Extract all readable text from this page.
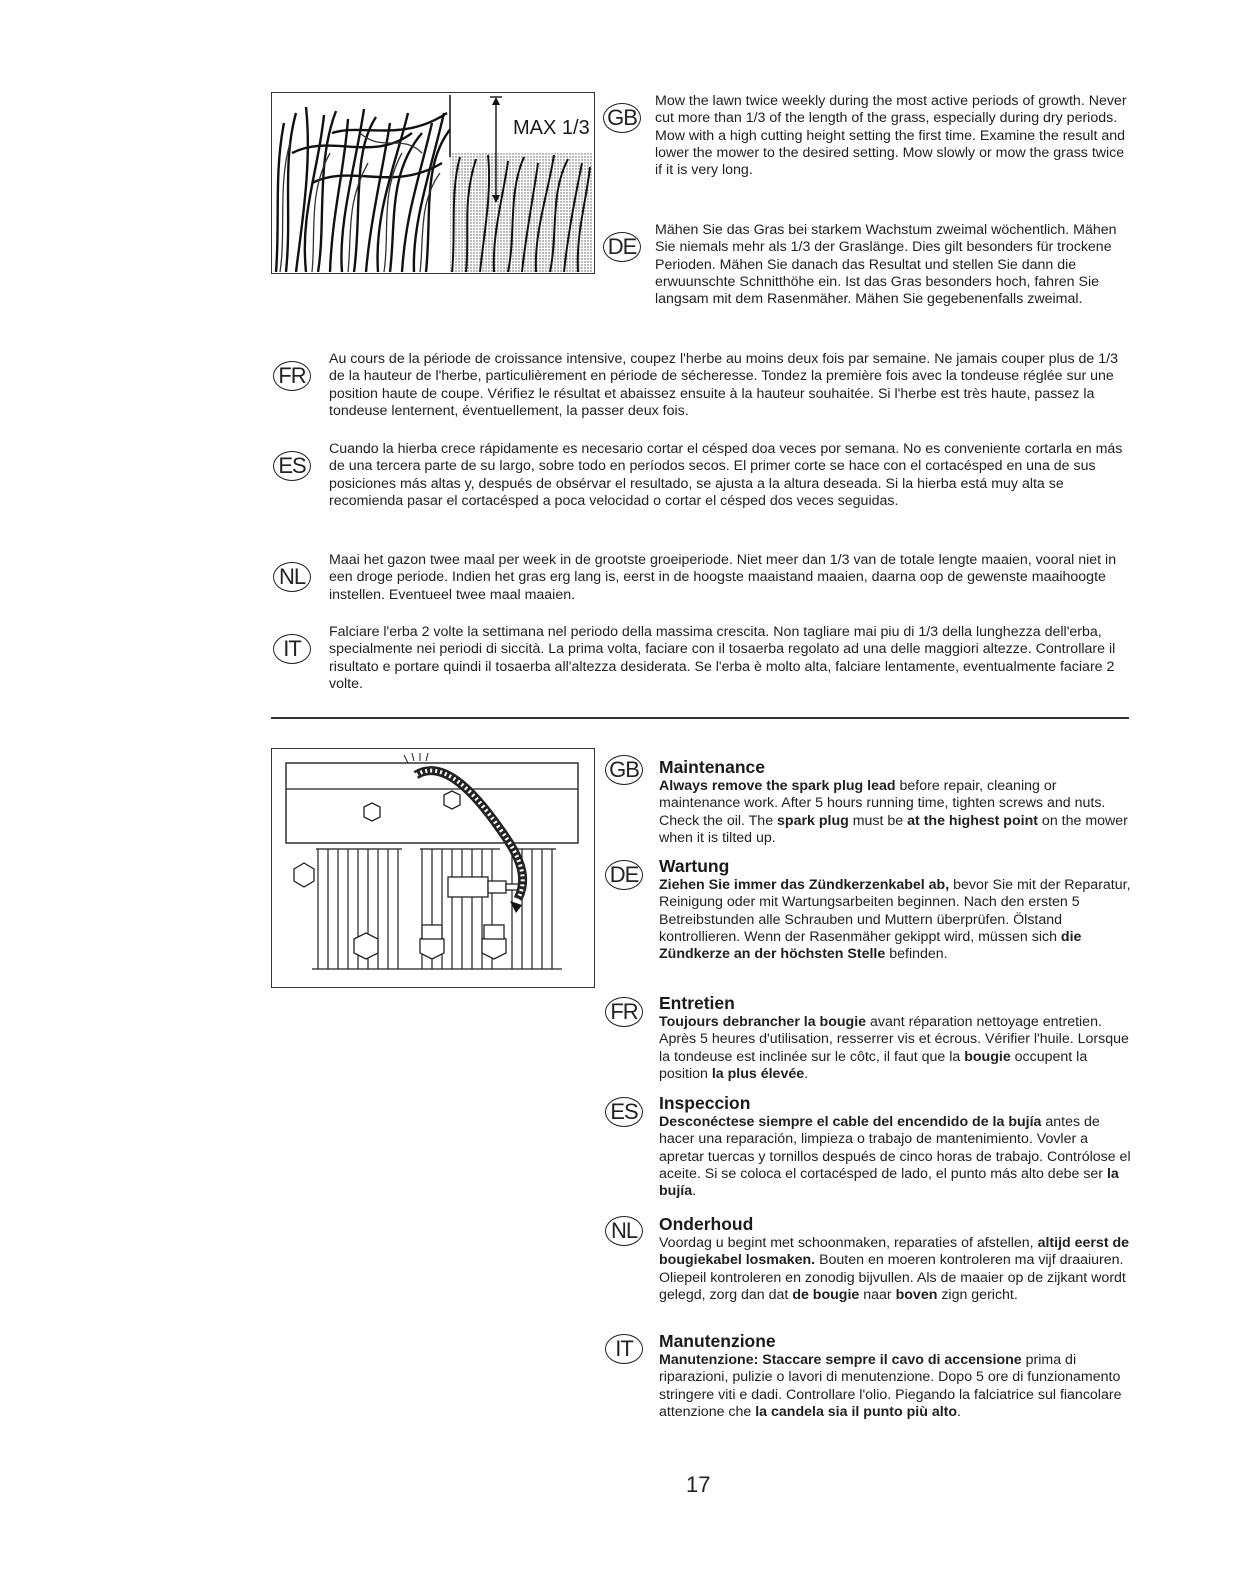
MAX 1/3 GB

Mow the lawn twice weekly during the most active periods of growth. Never cut more than 1/3 of the length of the grass, especially during dry periods. Mow with a high cutting height setting the first time. Examine the result and lower the mower to the desired setting. Mow slowly or mow the grass twice if it is very long.

DE

Mähen Sie das Gras bei starkem Wachstum zweimal wöchentlich. Mähen Sie niemals mehr als 1/3 der Graslänge. Dies gilt besonders für trockene Perioden. Mähen Sie danach das Resultat und stellen Sie dann die erwuunschte Schnitthöhe ein. Ist das Gras besonders hoch, fahren Sie langsam mit dem Rasenmäher. Mähen Sie gegebenenfalls zweimal.

FR

Au cours de la période de croissance intensive, coupez l'herbe au moins deux fois par semaine. Ne jamais couper plus de 1/3 de la hauteur de l'herbe, particulièrement en période de sécheresse. Tondez la première fois avec la tondeuse réglée sur une position haute de coupe. Vérifiez le résultat et abaissez ensuite à la hauteur souhaitée. Si l'herbe est très haute, passez la tondeuse lenternent, éventuellement, la passer deux fois.

ES

Cuando la hierba crece rápidamente es necesario cortar el césped doa veces por semana. No es conveniente cortarla en más de una tercera parte de su largo, sobre todo en períodos secos. El primer corte se hace con el cortacésped en una de sus posiciones más altas y, después de obsérvar el resultado, se ajusta a la altura deseada. Si la hierba está muy alta se recomienda pasar el cortacésped a poca velocidad o cortar el césped dos veces seguidas.

NL

Maai het gazon twee maal per week in de grootste groeiperiode. Niet meer dan 1/3 van de totale lengte maaien, vooral niet in een droge periode. Indien het gras erg lang is, eerst in de hoogste maaistand maaien, daarna oop de gewenste maaihoogte instellen. Eventueel twee maal maaien.

IT

Falciare l'erba 2 volte la settimana nel periodo della massima crescita. Non tagliare mai piu di 1/3 della lunghezza dell'erba, specialmente nei periodi di siccità. La prima volta, faciare con il tosaerba regolato ad una delle maggiori altezze. Controllare il risultato e portare quindi il tosaerba all'altezza desiderata. Se l'erba è molto alta, falciare lentamente, eventualmente faciare 2 volte.

GB Maintenance

Always remove the spark plug lead before repair, cleaning or maintenance work. After 5 hours running time, tighten screws and nuts. Check the oil. The spark plug must be at the highest point on the mower when it is tilted up.

DE Wartung

Ziehen Sie immer das Zündkerzenkabel ab, bevor Sie mit der Reparatur, Reinigung oder mit Wartungsarbeiten beginnen. Nach den ersten 5 Betreibstunden alle Schrauben und Muttern überprüfen. Ölstand kontrollieren. Wenn der Rasenmäher gekippt wird, müssen sich die Zündkerze an der höchsten Stelle befinden.

FR	Entretien

Toujours debrancher la bougie avant réparation nettoyage entretien. Après 5 heures d'utilisation, resserrer vis et écrous. Vérifier l'huile. Lorsque la tondeuse est inclinée sur le côtc, il faut que la bougie occupent la position la plus élevée.

ES	Inspeccion

Desconéctese siempre el cable del encendido de la bujía antes de hacer una reparación, limpieza o trabajo de mantenimiento. Vovler a apretar tuercas y tornillos después de cinco horas de trabajo. Contrólose el aceite. Si se coloca el cortacésped de lado, el punto más alto debe ser la bujía.

NL	Onderhoud

Voordag u begint met schoonmaken, reparaties of afstellen, altijd eerst de bougiekabel losmaken. Bouten en moeren kontroleren ma vijf draaiuren. Oliepeil kontroleren en zonodig bijvullen. Als de maaier op de zijkant wordt gelegd, zorg dan dat de bougie naar boven zign gericht.

IT	Manutenzione

Manutenzione: Staccare sempre il cavo di accensione prima di riparazioni, pulizie o lavori di menutenzione. Dopo 5 ore di funzionamento stringere viti e dadi. Controllare l'olio. Piegando la falciatrice sul fiancolare attenzione che la candela sia il punto più alto.

17
